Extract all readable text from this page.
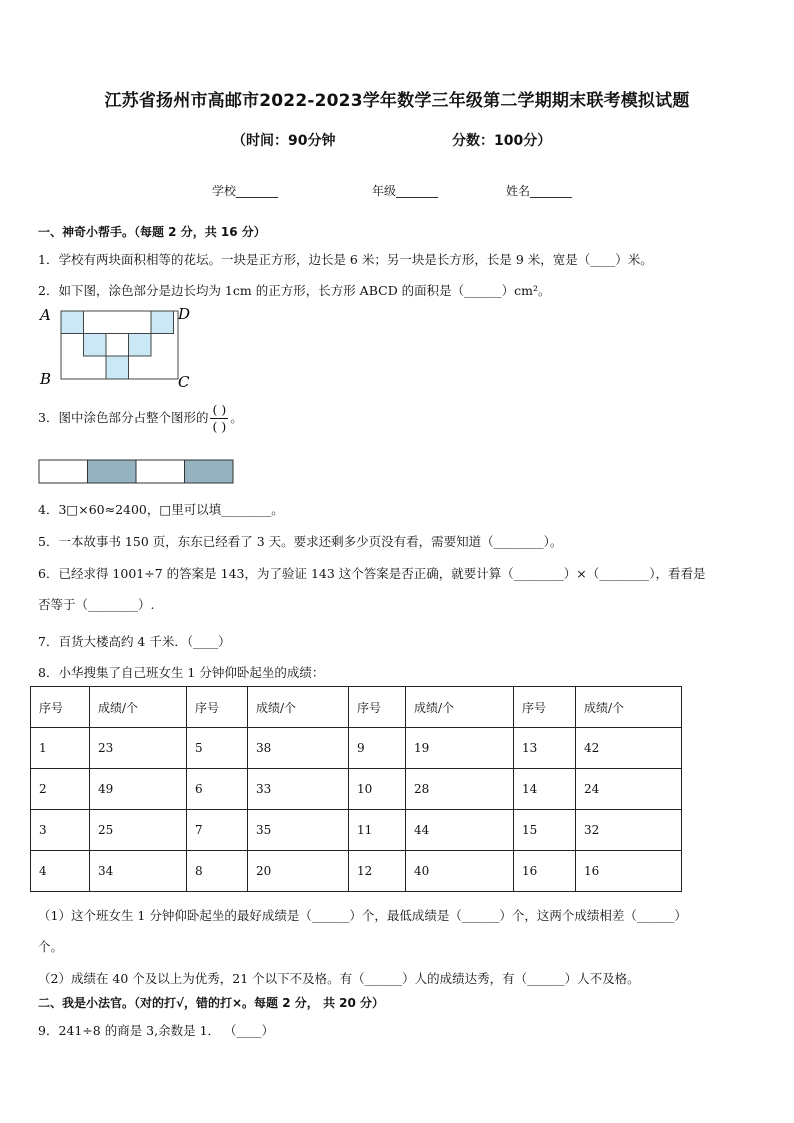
江苏省扬州市高邮市2022-2023学年数学三年级第二学期期末联考模拟试题
（时间：90分钟	分数：100分）
学校_______	年级_______	姓名_______
一、神奇小帮手。（每题 2 分，共 16 分）
1．学校有两块面积相等的花坛。一块是正方形，边长是 6 米；另一块是长方形，长是 9 米，宽是（____）米。
2．如下图，涂色部分是边长均为 1cm 的正方形，长方形 ABCD 的面积是（______）cm²。
A	D
B	C
3．图中涂色部分占整个图形的 $\frac{( )}{( )}$ 。
4．3□×60≈2400，□里可以填________。
5．一本故事书 150 页，东东已经看了 3 天。要求还剩多少页没有看，需要知道（________）。
6．已经求得 1001÷7 的答案是 143，为了验证 143 这个答案是否正确，就要计算（________）×（________），看看是
否等于（________）.
7．百货大楼高约 4 千米．（____）
8．小华搜集了自己班女生 1 分钟仰卧起坐的成绩：
序号	成绩/个	序号	成绩/个	序号	成绩/个	序号	成绩/个
1	23	5	38	9	19	13	42
2	49	6	33	10	28	14	24
3	25	7	35	11	44	15	32
4	34	8	20	12	40	16	16
（1）这个班女生 1 分钟仰卧起坐的最好成绩是（______）个，最低成绩是（______）个，这两个成绩相差（______）
个。
（2）成绩在 40 个及以上为优秀，21 个以下不及格。有（______）人的成绩达秀，有（______）人不及格。
二、我是小法官。（对的打√，错的打×。每题 2 分， 共 20 分）
9．241÷8 的商是 3,余数是 1． （____）
